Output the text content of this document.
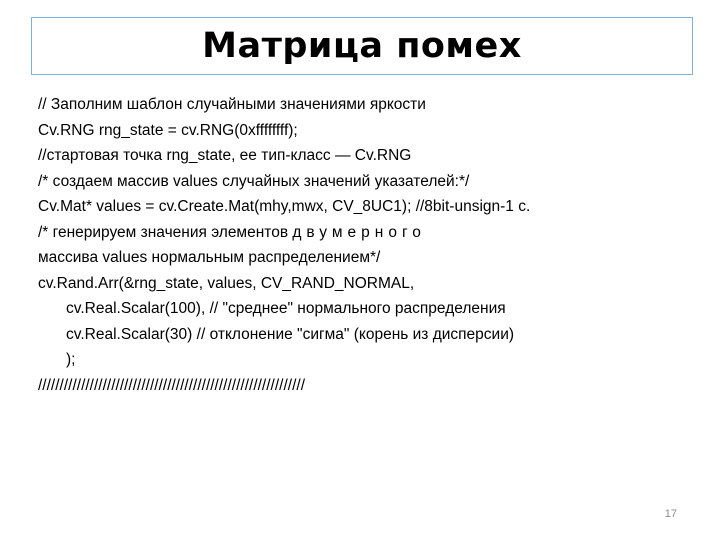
Матрица помех
// Заполним шаблон случайными значениями яркости
Cv.RNG rng_state = cv.RNG(0xffffffff);
//стартовая точка rng_state, ее тип-класс — Cv.RNG
/* создаем массив values случайных значений указателей:*/
Cv.Mat* values = cv.Create.Mat(mhy,mwx, CV_8UC1); //8bit-unsign-1 c.
/* генерируем значения элементов двумерного
массива values нормальным распределением*/
cv.Rand.Arr(&rng_state, values, CV_RAND_NORMAL,
cv.Real.Scalar(100), // "среднее" нормального распределения
cv.Real.Scalar(30) // отклонение "сигма" (корень из дисперсии)
);
//////////////////////////////////////////////////////////////
17
